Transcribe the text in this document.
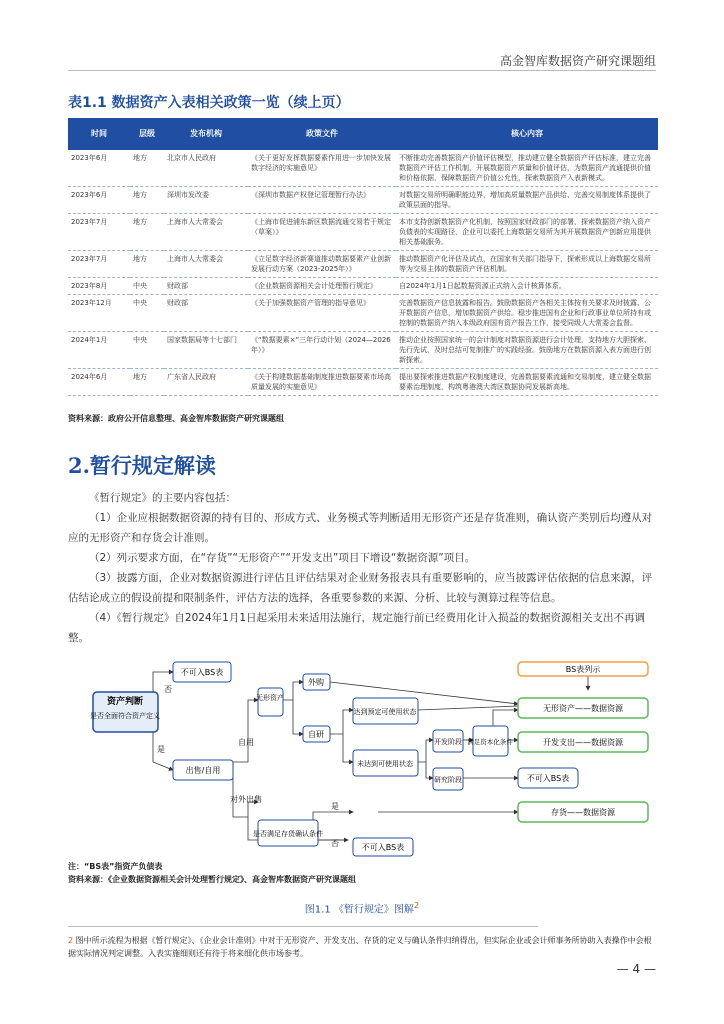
高金智库数据资产研究课题组
表1.1 数据资产入表相关政策一览（续上页）
时间	层级	发布机构	政策文件	核心内容
2023年6月	地方	北京市人民政府	《关于更好发挥数据要素作用进一步加快发展数字经济的实施意见》	不断推动完善数据资产价值评估模型，推动建立健全数据资产评估标准，建立完善数据资产评估工作机制，开展数据资产质量和价值评估，为数据资产流通提供价值和价格依据，保障数据资产价值公允性，探索数据资产入表新模式。
2023年6月	地方	深圳市发改委	《深圳市数据产权登记管理暂行办法》	对数据交易所明确职能边界，增加高质量数据产品供给、完善交易制度体系提供了政策层面的指导。
2023年7月	地方	上海市人大常委会	《上海市促进浦东新区数据流通交易若干规定（草案）》	本市支持创新数据资产化机制，按照国家财政部门的部署，探索数据资产纳入资产负债表的实现路径，企业可以委托上海数据交易所为其开展数据资产创新应用提供相关基础服务。
2023年7月	地方	上海市人大常委会	《立足数字经济新赛道推动数据要素产业创新发展行动方案（2023-2025年）》	推动数据资产化评估及试点，在国家有关部门指导下，探索形成以上海数据交易所等为交易主体的数据资产评估机制。
2023年8月	中央	财政部	《企业数据资源相关会计处理暂行规定》	自2024年1月1日起数据资源正式纳入会计核算体系。
2023年12月	中央	财政部	《关于加强数据资产管理的指导意见》	完善数据资产信息披露和报告。鼓励数据资产各相关主体按有关要求及时披露、公开数据资产信息，增加数据资产供给。稳步推进国有企业和行政事业单位所持有或控制的数据资产纳入本级政府国有资产报告工作，接受同级人大常委会监督。
2024年1月	中央	国家数据局等十七部门	《“数据要素×”三年行动计划（2024—2026年）》	推动企业按照国家统一的会计制度对数据资源进行会计处理，支持地方大胆探索、先行先试，及时总结可复制推广的实践经验。鼓励地方在数据资源入表方面进行创新探索。
2024年6月	地方	广东省人民政府	《关于构建数据基础制度推进数据要素市场高质量发展的实施意见》	提出要探索推进数据产权制度建设，完善数据要素流通和交易制度，建立健全数据要素治理制度，构筑粤港澳大湾区数据协同发展新高地。
资料来源：政府公开信息整理、高金智库数据资产研究课题组
2.暂行规定解读

《暂行规定》的主要内容包括：

（1）企业应根据数据资源的持有目的、形成方式、业务模式等判断适用无形资产还是存货准则，确认资产类别后均遵从对应的无形资产和存货会计准则。

（2）列示要求方面，在“存货”“无形资产”“开发支出”项目下增设“数据资源”项目。

（3）披露方面，企业对数据资源进行评估且评估结果对企业财务报表具有重要影响的，应当披露评估依据的信息来源，评估结论成立的假设前提和限制条件，评估方法的选择，各重要参数的来源、分析、比较与测算过程等信息。

（4）《暂行规定》自2024年1月1日起采用未来适用法施行，规定施行前已经费用化计入损益的数据资源相关支出不再调整。

不可入BS表
否
资产判断
是否全面符合资产定义
是
出售/自用
自用
对外出售
无形资产
外购
自研
达到预定可使用状态
未达到可使用状态
开发阶段
研究阶段
满足资本化条件
BS表列示
无形资产——数据资源
开发支出——数据资源
不可入BS表
存货——数据资源
是否满足存货确认条件
是
否	不可入BS表
注：“BS表”指资产负债表
资料来源：《企业数据资源相关会计处理暂行规定》、高金智库数据资产研究课题组
图1.1 《暂行规定》图解$^2$
2 图中所示流程为根据《暂行规定》、《企业会计准则》中对于无形资产、开发支出、存货的定义与确认条件归纳得出，但实际企业或会计师事务所协助入表操作中会根据实际情况判定调整。入表实施细则还有待于将来细化供市场参考。
— 4 —
